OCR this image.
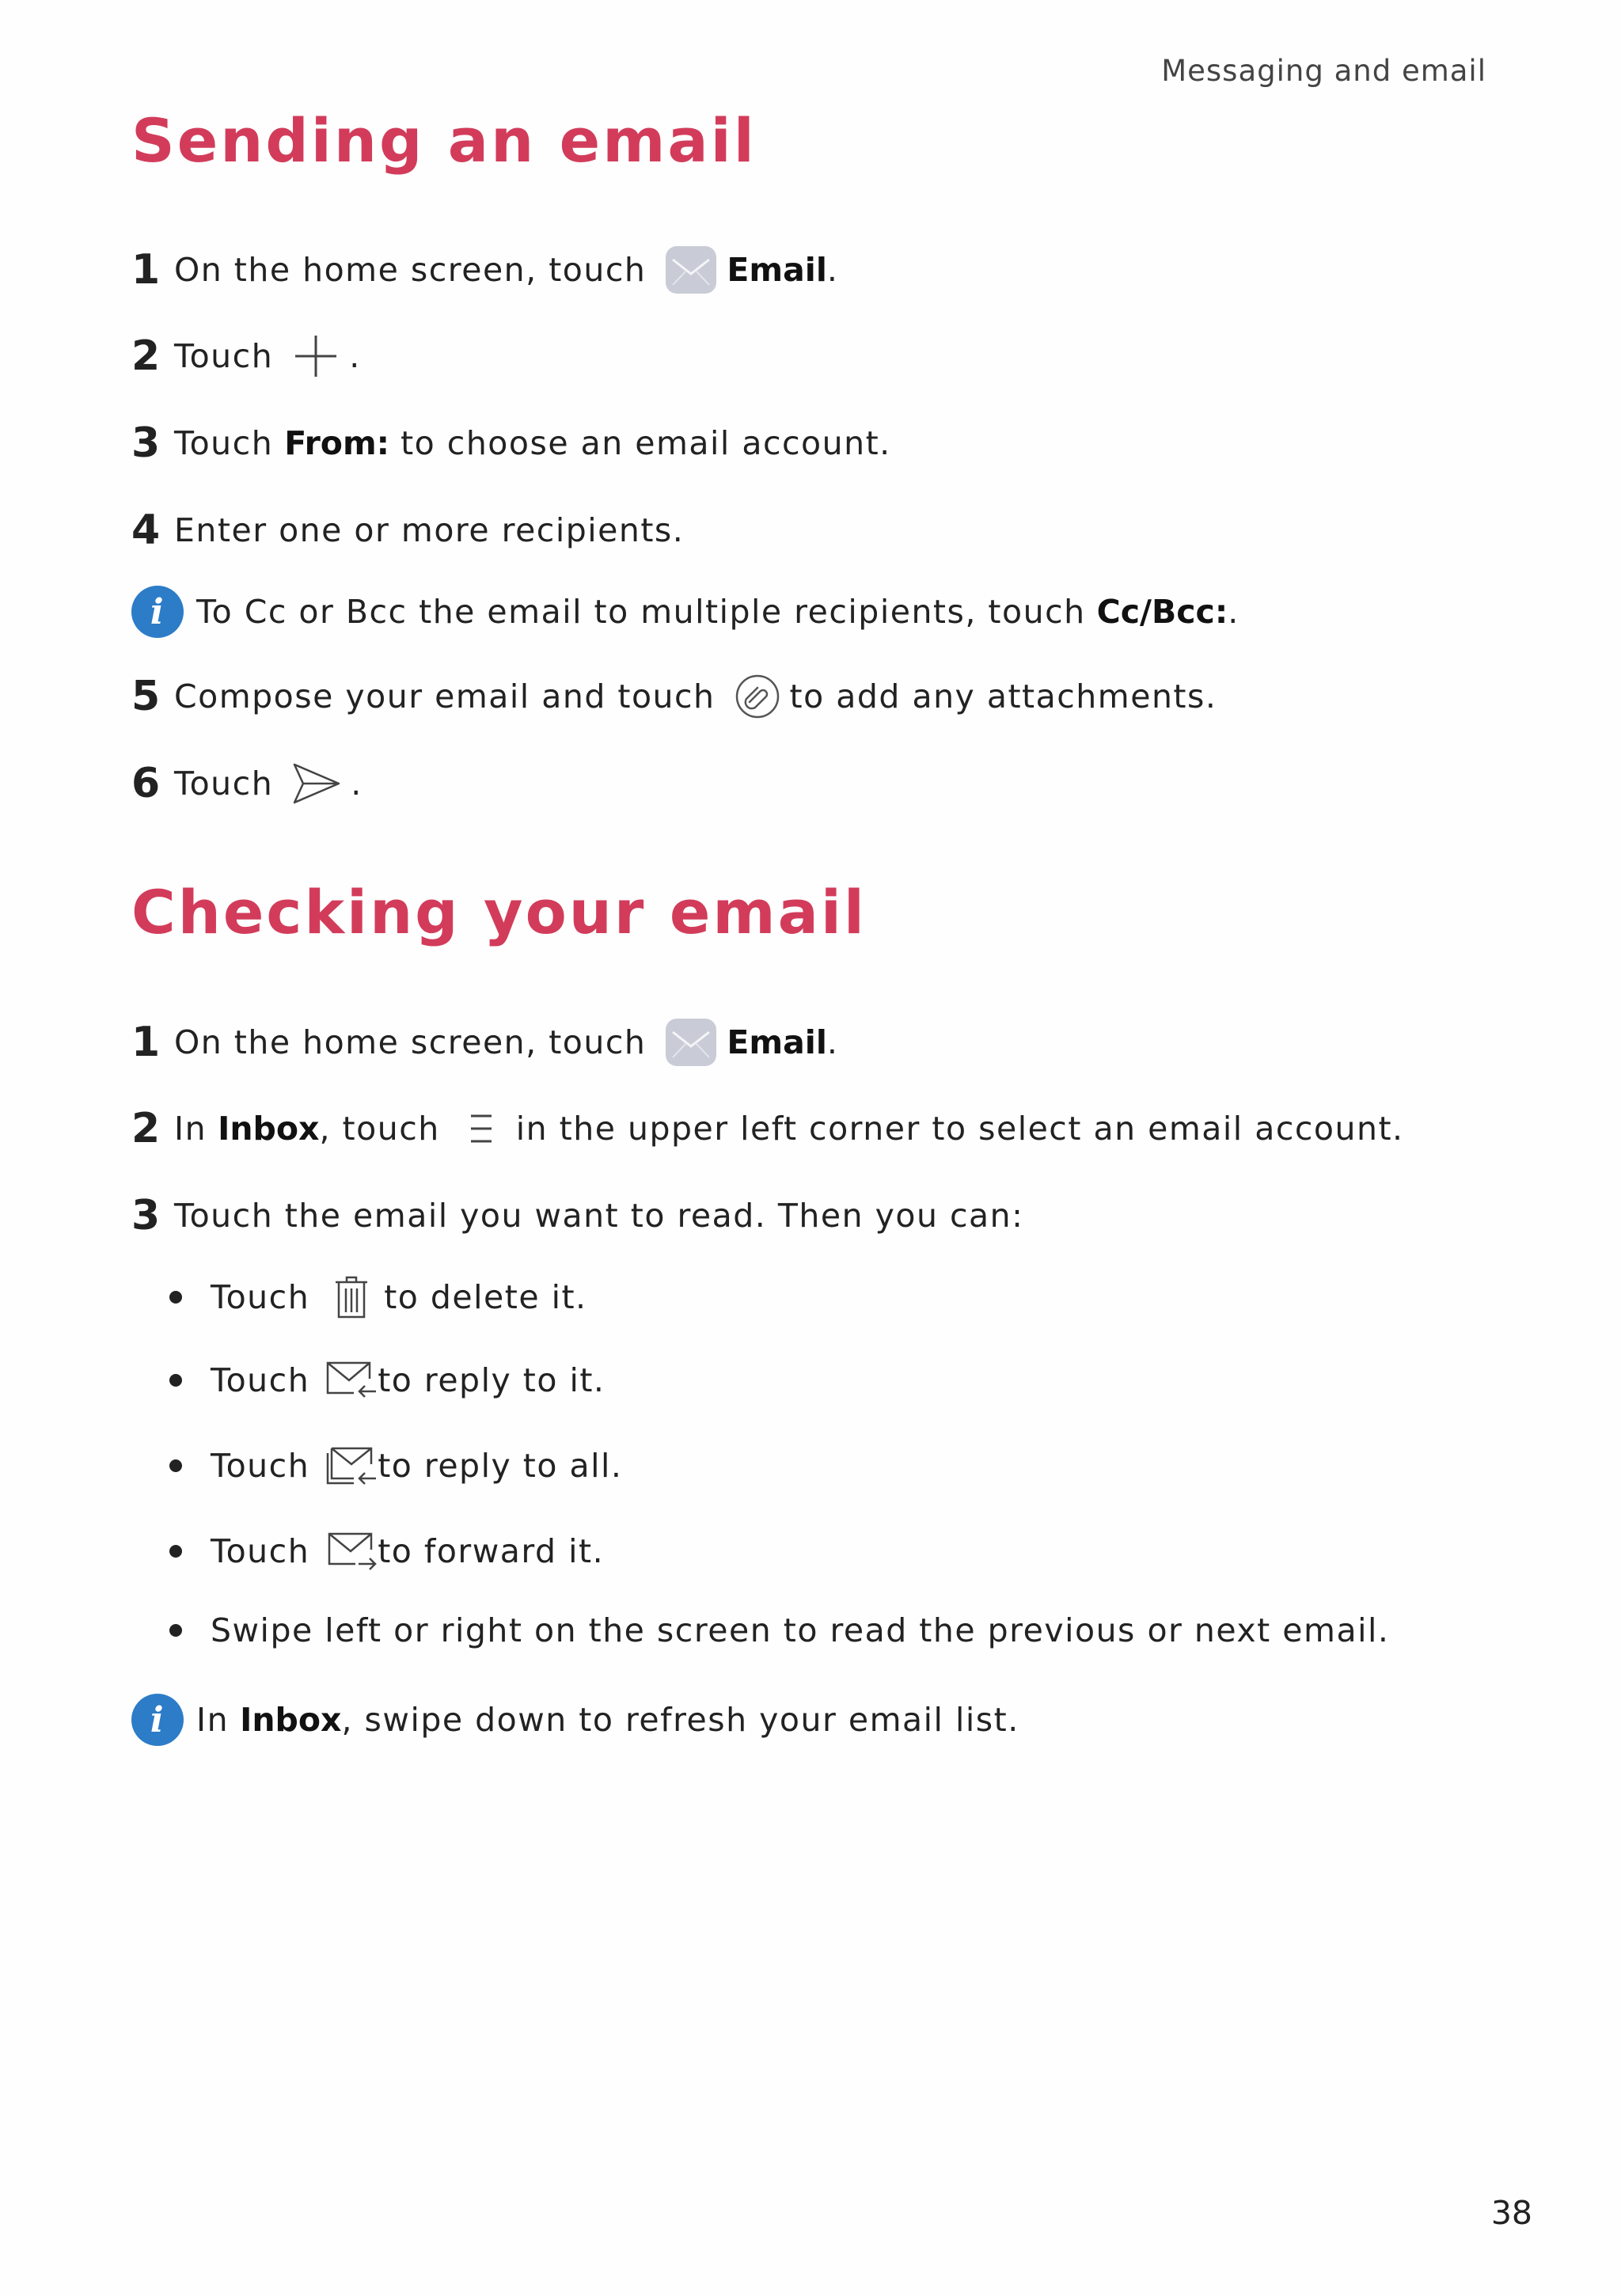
Messaging and email
Sending an email
1 On the home screen, touch Email .
2 Touch .
3 Touch From: to choose an email account.
4 Enter one or more recipients.
i To Cc or Bcc the email to multiple recipients, touch Cc/Bcc: .
5 Compose your email and touch to add any attachments.
6 Touch .
Checking your email
1 On the home screen, touch Email .
2 In Inbox , touch in the upper left corner to select an email account.
3 Touch the email you want to read. Then you can:
Touch to delete it.
Touch to reply to it.
Touch to reply to all.
Touch to forward it.
Swipe left or right on the screen to read the previous or next email.
i In Inbox , swipe down to refresh your email list.
38
